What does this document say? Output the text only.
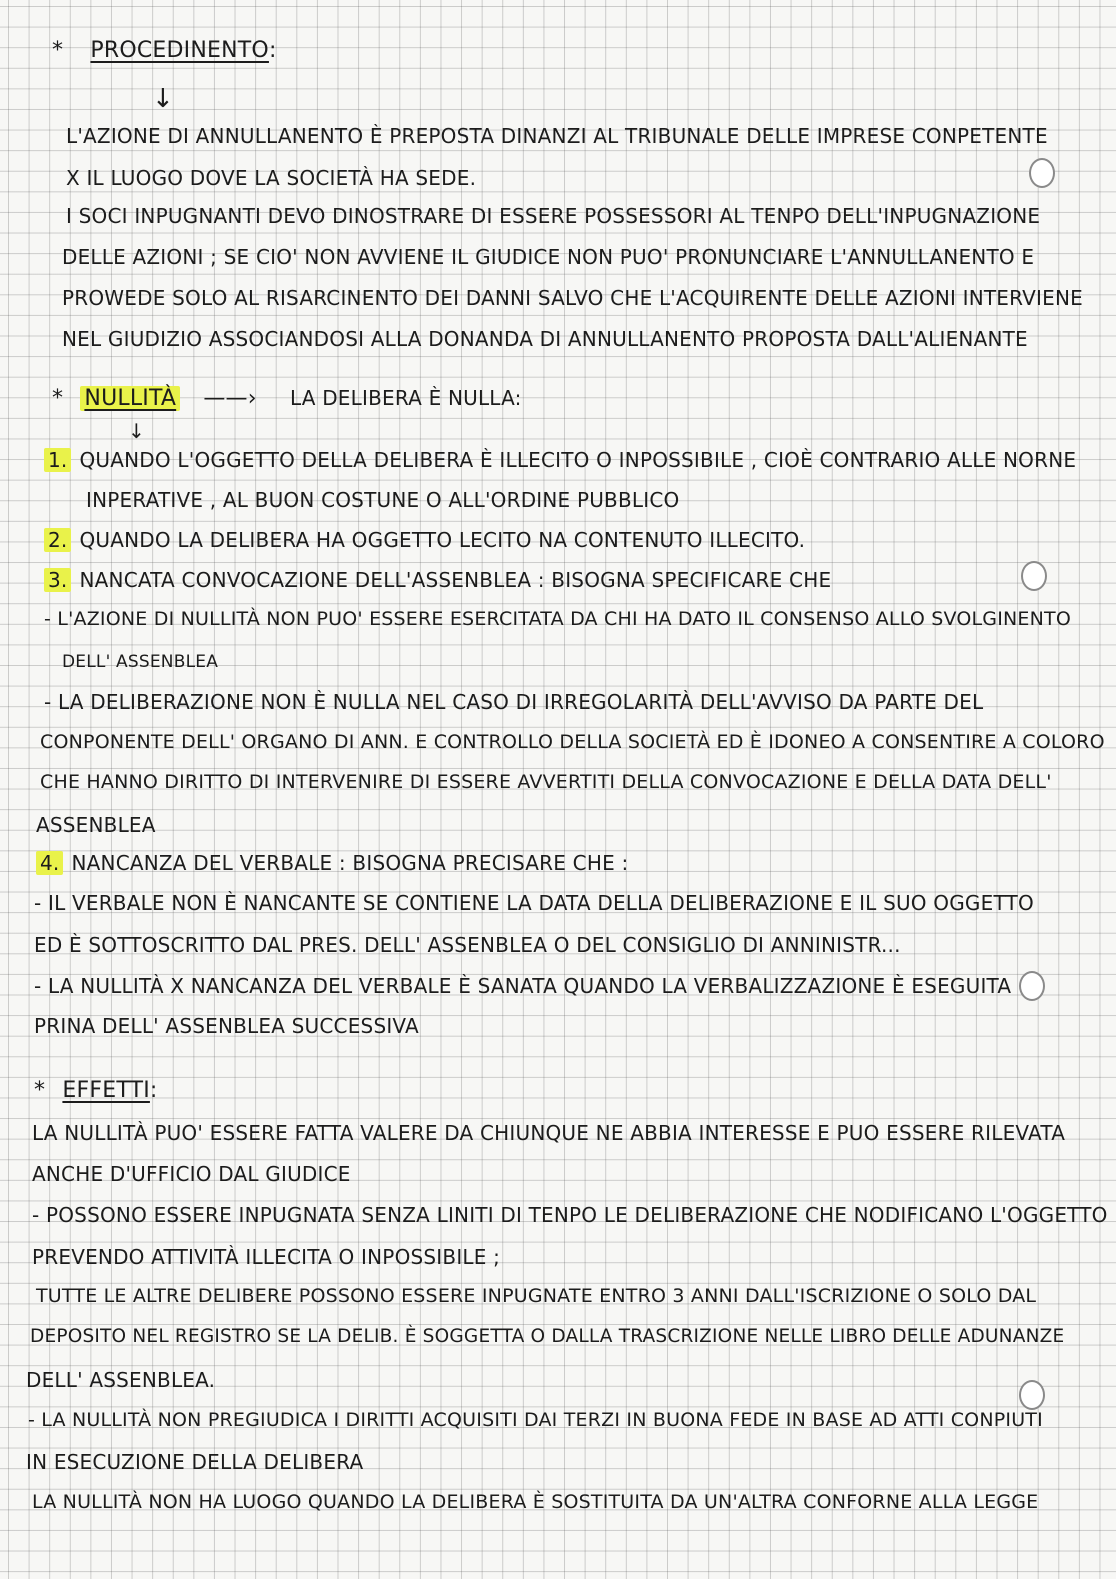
* PROCEDINENTO:
↓
L'AZIONE DI ANNULLANENTO È PREPOSTA DINANZI AL TRIBUNALE DELLE IMPRESE CONPETENTE
X IL LUOGO DOVE LA SOCIETÀ HA SEDE.
I SOCI INPUGNANTI DEVO DINOSTRARE DI ESSERE POSSESSORI AL TENPO DELL'INPUGNAZIONE
DELLE AZIONI ; SE CIO' NON AVVIENE IL GIUDICE NON PUO' PRONUNCIARE L'ANNULLANENTO E
PROWEDE SOLO AL RISARCINENTO DEI DANNI SALVO CHE L'ACQUIRENTE DELLE AZIONI INTERVIENE
NEL GIUDIZIO ASSOCIANDOSI ALLA DONANDA DI ANNULLANENTO PROPOSTA DALL'ALIENANTE
* NULLITÀ ——› LA DELIBERA È NULLA:
↓
1. QUANDO L'OGGETTO DELLA DELIBERA È ILLECITO O INPOSSIBILE , CIOÈ CONTRARIO ALLE NORNE
INPERATIVE , AL BUON COSTUNE O ALL'ORDINE PUBBLICO
2. QUANDO LA DELIBERA HA OGGETTO LECITO NA CONTENUTO ILLECITO.
3. NANCATA CONVOCAZIONE DELL'ASSENBLEA : BISOGNA SPECIFICARE CHE
- L'AZIONE DI NULLITÀ NON PUO' ESSERE ESERCITATA DA CHI HA DATO IL CONSENSO ALLO SVOLGINENTO
DELL' ASSENBLEA
- LA DELIBERAZIONE NON È NULLA NEL CASO DI IRREGOLARITÀ DELL'AVVISO DA PARTE DEL
CONPONENTE DELL' ORGANO DI ANN. E CONTROLLO DELLA SOCIETÀ ED È IDONEO A CONSENTIRE A COLORO
CHE HANNO DIRITTO DI INTERVENIRE DI ESSERE AVVERTITI DELLA CONVOCAZIONE E DELLA DATA DELL'
ASSENBLEA
4. NANCANZA DEL VERBALE : BISOGNA PRECISARE CHE :
- IL VERBALE NON È NANCANTE SE CONTIENE LA DATA DELLA DELIBERAZIONE E IL SUO OGGETTO
ED È SOTTOSCRITTO DAL PRES. DELL' ASSENBLEA O DEL CONSIGLIO DI ANNINISTR...
- LA NULLITÀ X NANCANZA DEL VERBALE È SANATA QUANDO LA VERBALIZZAZIONE È ESEGUITA
PRINA DELL' ASSENBLEA SUCCESSIVA
* EFFETTI:
LA NULLITÀ PUO' ESSERE FATTA VALERE DA CHIUNQUE NE ABBIA INTERESSE E PUO ESSERE RILEVATA
ANCHE D'UFFICIO DAL GIUDICE
- POSSONO ESSERE INPUGNATA SENZA LINITI DI TENPO LE DELIBERAZIONE CHE NODIFICANO L'OGGETTO
PREVENDO ATTIVITÀ ILLECITA O INPOSSIBILE ;
TUTTE LE ALTRE DELIBERE POSSONO ESSERE INPUGNATE ENTRO 3 ANNI DALL'ISCRIZIONE O SOLO DAL
DEPOSITO NEL REGISTRO SE LA DELIB. È SOGGETTA O DALLA TRASCRIZIONE NELLE LIBRO DELLE ADUNANZE
DELL' ASSENBLEA.
- LA NULLITÀ NON PREGIUDICA I DIRITTI ACQUISITI DAI TERZI IN BUONA FEDE IN BASE AD ATTI CONPIUTI
IN ESECUZIONE DELLA DELIBERA
LA NULLITÀ NON HA LUOGO QUANDO LA DELIBERA È SOSTITUITA DA UN'ALTRA CONFORNE ALLA LEGGE
